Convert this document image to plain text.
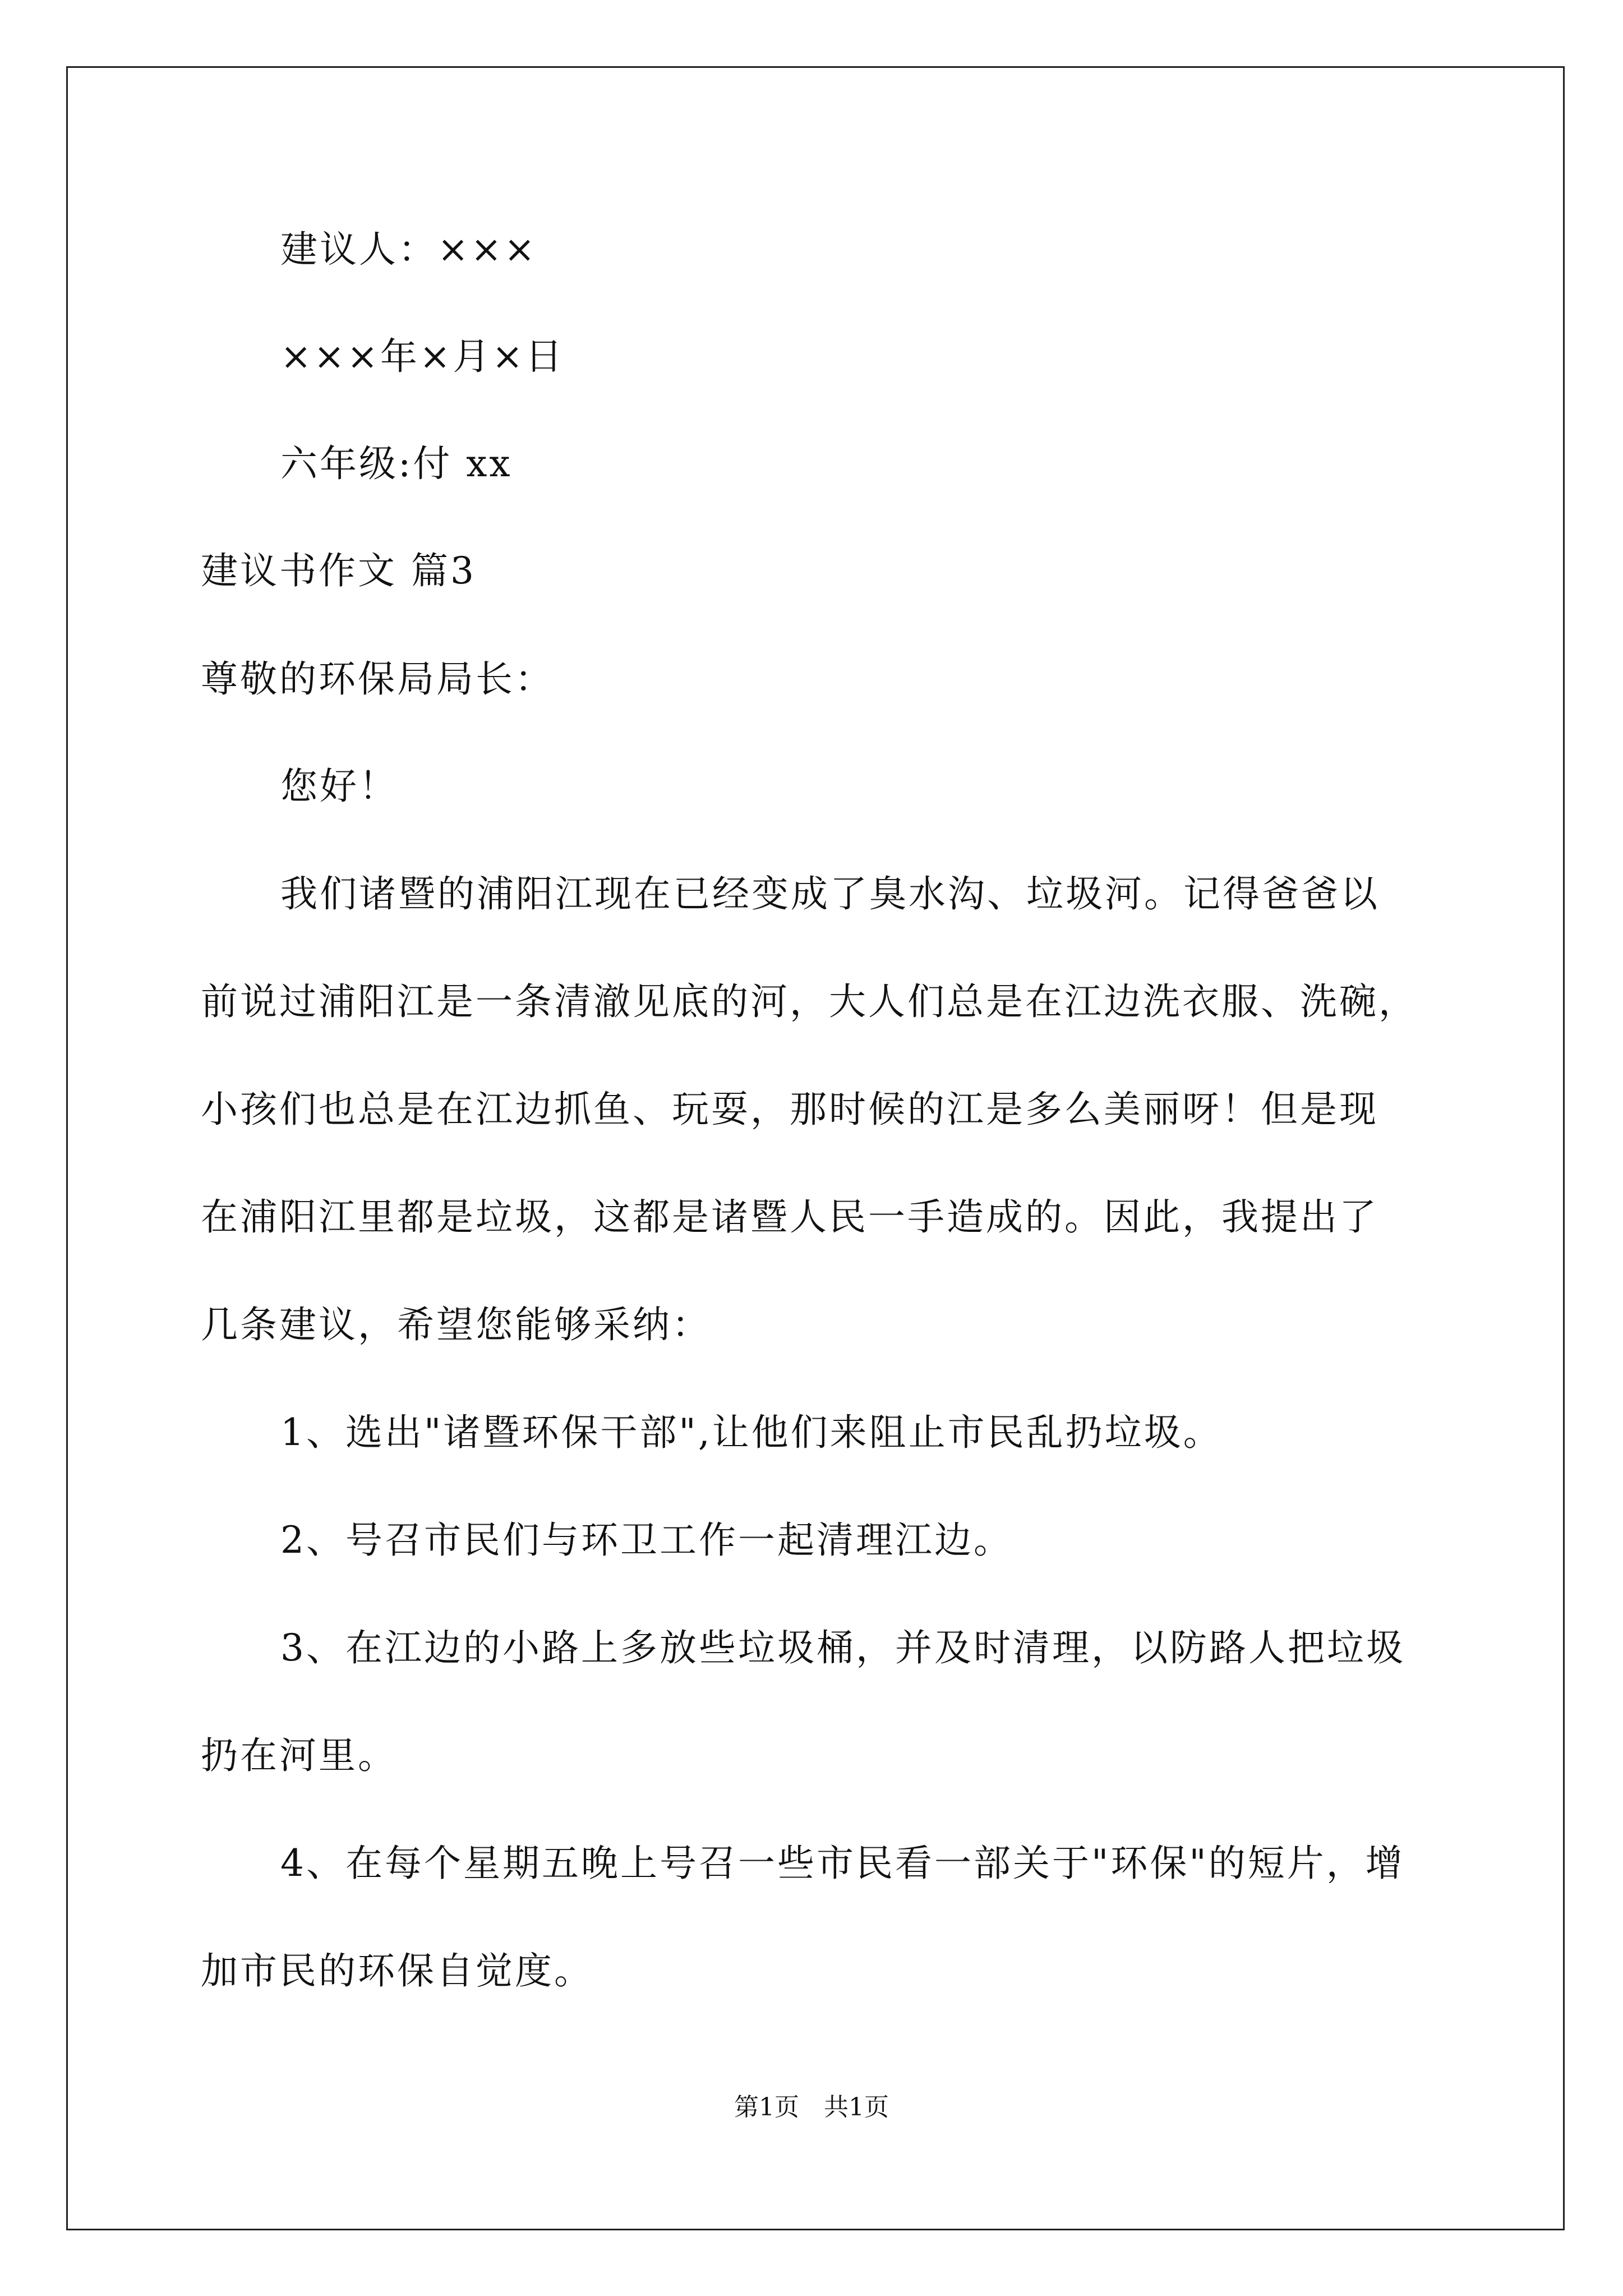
建议人：×××
×××年×月×日
六年级:付 xx
建议书作文 篇3
尊敬的环保局局长：
您好！
我们诸暨的浦阳江现在已经变成了臭水沟、垃圾河。记得爸爸以
前说过浦阳江是一条清澈见底的河，大人们总是在江边洗衣服、洗碗，
小孩们也总是在江边抓鱼、玩耍，那时候的江是多么美丽呀！但是现
在浦阳江里都是垃圾，这都是诸暨人民一手造成的。因此，我提出了
几条建议，希望您能够采纳：
1、选出"诸暨环保干部",让他们来阻止市民乱扔垃圾。
2、号召市民们与环卫工作一起清理江边。
3、在江边的小路上多放些垃圾桶，并及时清理，以防路人把垃圾
扔在河里。
4、在每个星期五晚上号召一些市民看一部关于"环保"的短片，增
加市民的环保自觉度。
第1页　共1页
